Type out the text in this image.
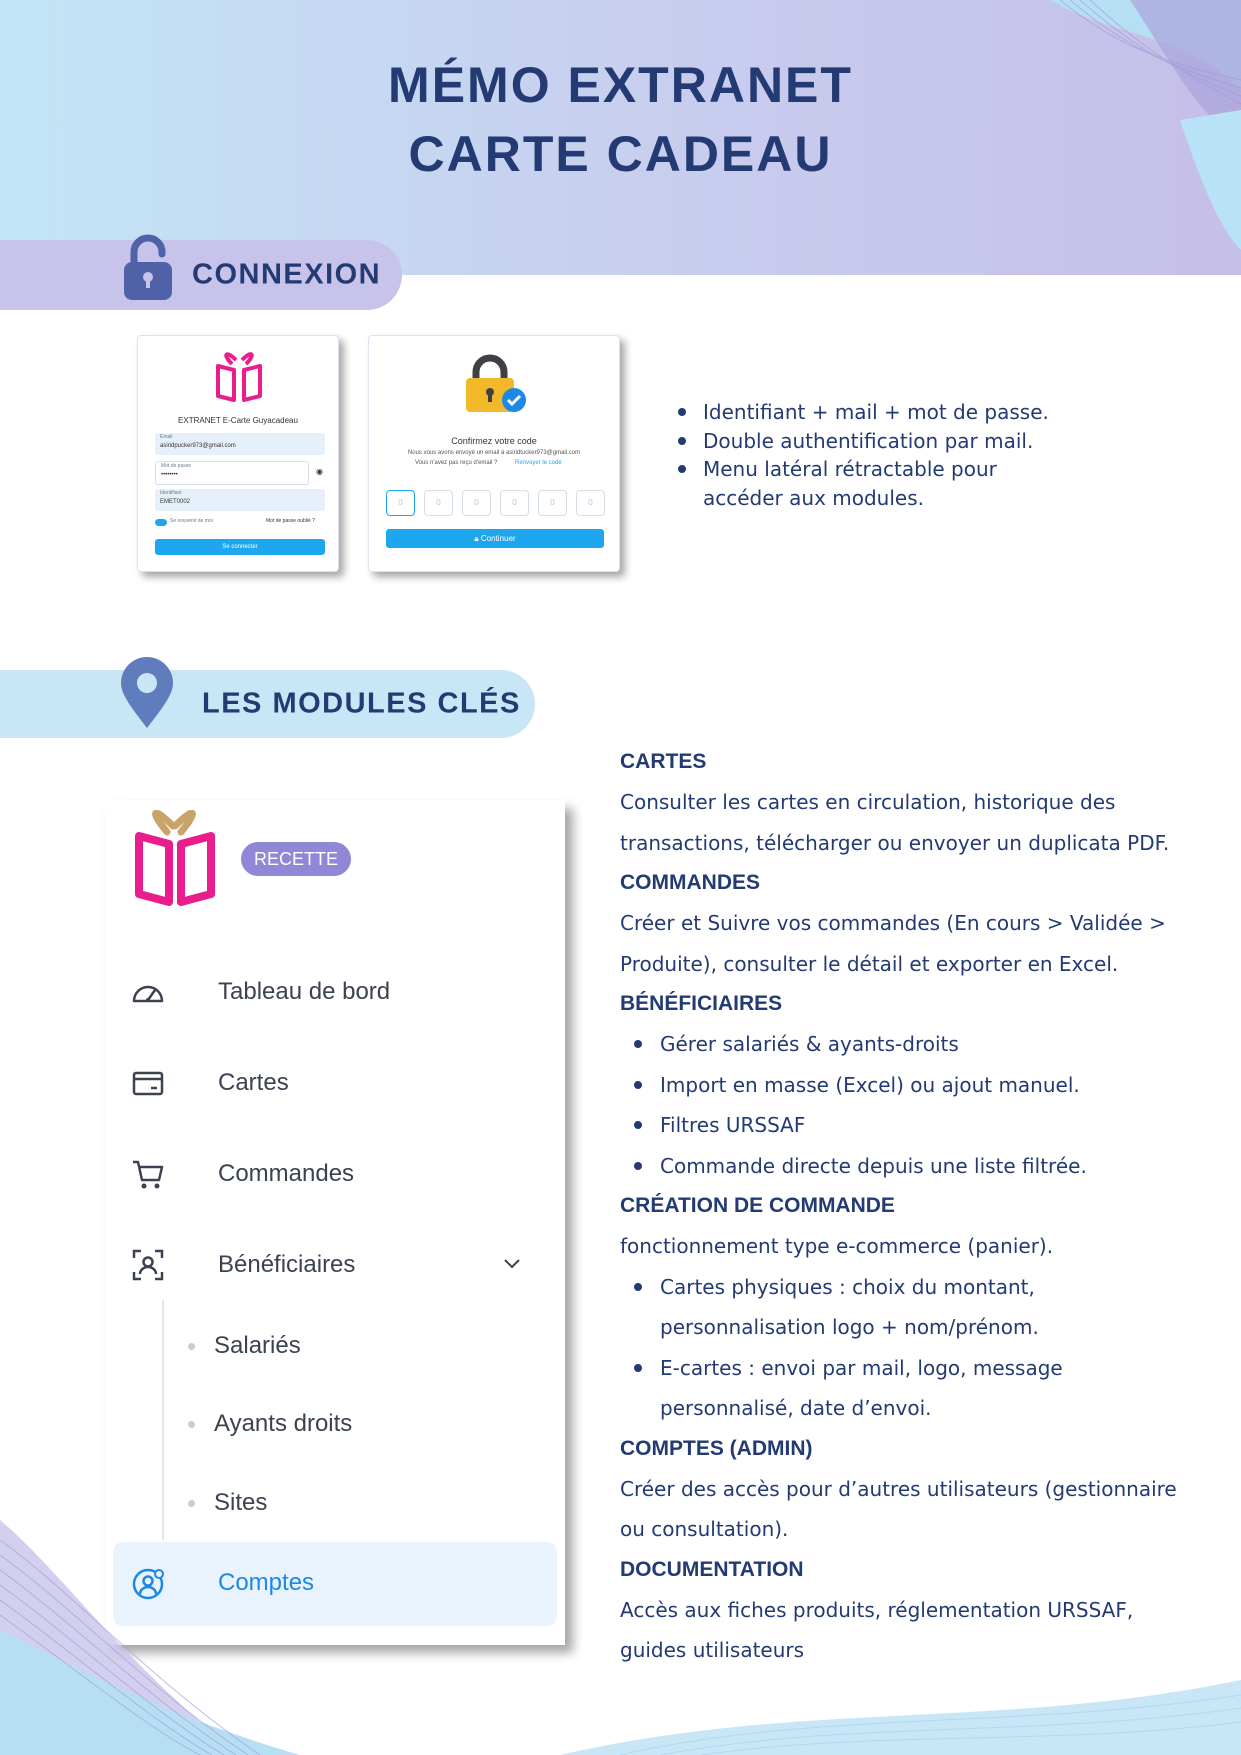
MÉMO EXTRANET
CARTE CADEAU
CONNEXION
EXTRANET E-Carte Guyacadeau
Email
asiridpucker973@gmail.com
Mot de passe
••••••••	◉
Identifiant
EMET0002
Se souvenir de moi	Mot de passe oublié ?
Se connecter
Confirmez votre code
Nous vous avons envoyé un email à asiridtucker973@gmail.com
Vous n'avez pas reçu d'email ?	Renvoyer le code
0	0	0	0	0	0
🔒︎ Continuer
Identifiant + mail + mot de passe.
Double authentification par mail.
Menu latéral rétractable pour
accéder aux modules.
LES MODULES CLÉS
RECETTE
Tableau de bord
Cartes
Commandes
Bénéficiaires
Salariés
Ayants droits
Sites
Comptes
CARTES
Consulter les cartes en circulation, historique des
transactions, télécharger ou envoyer un duplicata PDF.
COMMANDES
Créer et Suivre vos commandes (En cours > Validée >
Produite), consulter le détail et exporter en Excel.
BÉNÉFICIAIRES
Gérer salariés & ayants-droits
Import en masse (Excel) ou ajout manuel.
Filtres URSSAF
Commande directe depuis une liste filtrée.
CRÉATION DE COMMANDE
fonctionnement type e-commerce (panier).
Cartes physiques : choix du montant,
personnalisation logo + nom/prénom.
E-cartes : envoi par mail, logo, message
personnalisé, date d’envoi.
COMPTES (ADMIN)
Créer des accès pour d’autres utilisateurs (gestionnaire
ou consultation).
DOCUMENTATION
Accès aux fiches produits, réglementation URSSAF,
guides utilisateurs
